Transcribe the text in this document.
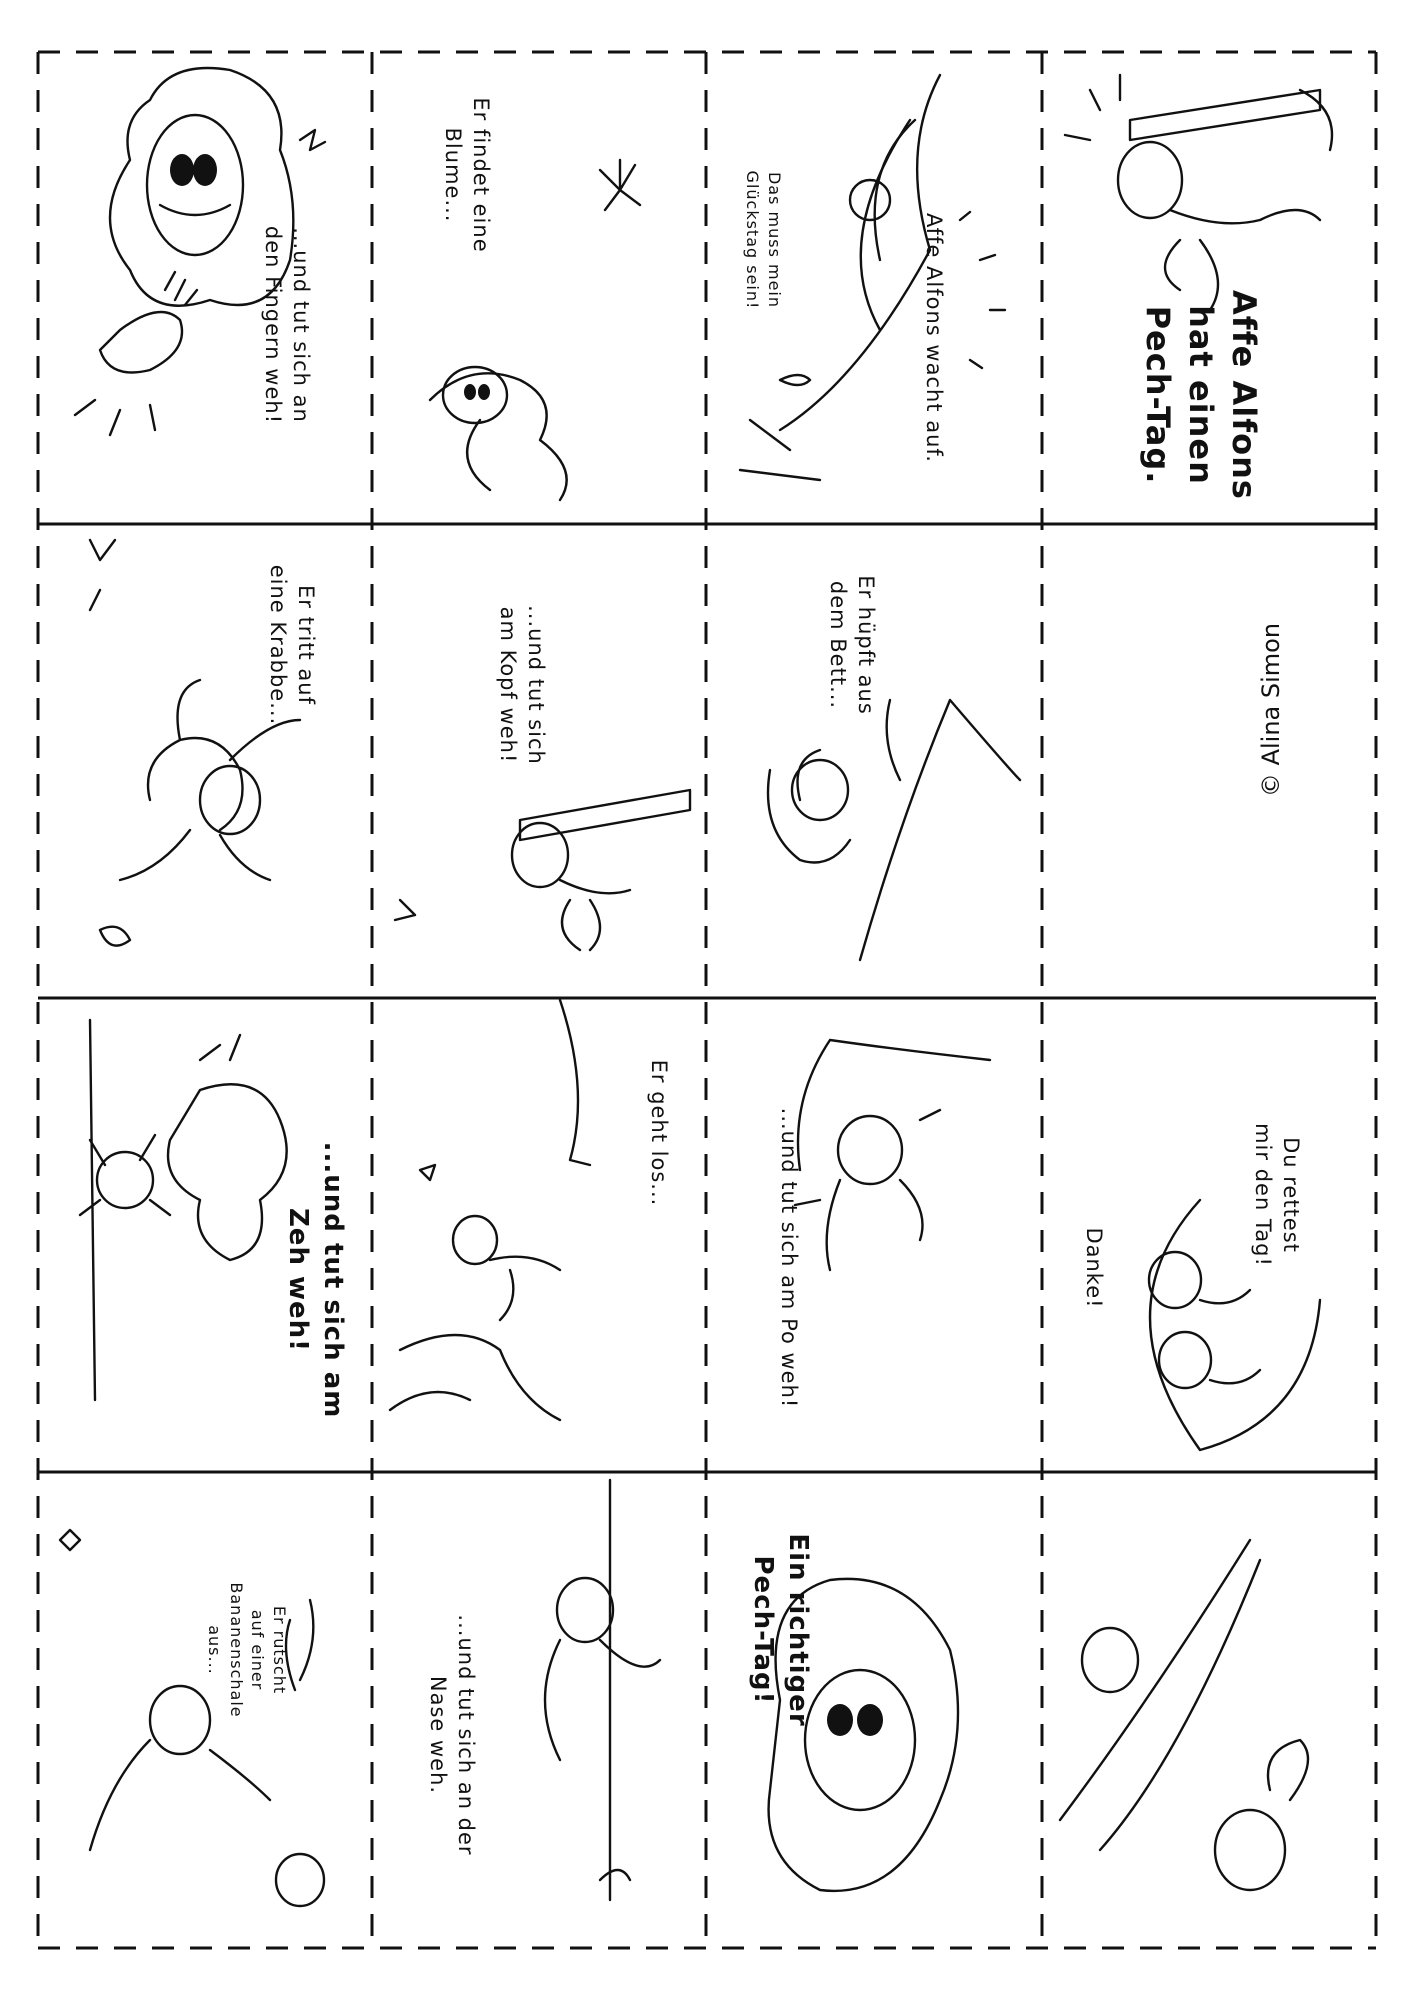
...und tut sich an
den Fingern weh!
Er findet eine
Blume...	Das muss mein
Glückstag sein!	Affe Alfons wacht auf.	Affe Alfons
hat einen
Pech-Tag.
Er tritt auf
eine Krabbe...	...und tut sich
am Kopf weh!
Er hüpft aus
dem Bett...	© Alina Simon
...und tut sich am
Zeh weh!
Er geht los...	...und tut sich am Po weh!	Danke!
Du rettest
mir den Tag!
Er rutscht
auf einer
Bananenschale
aus...	...und tut sich an der
Nase weh.
Ein richtiger
Pech-Tag!
